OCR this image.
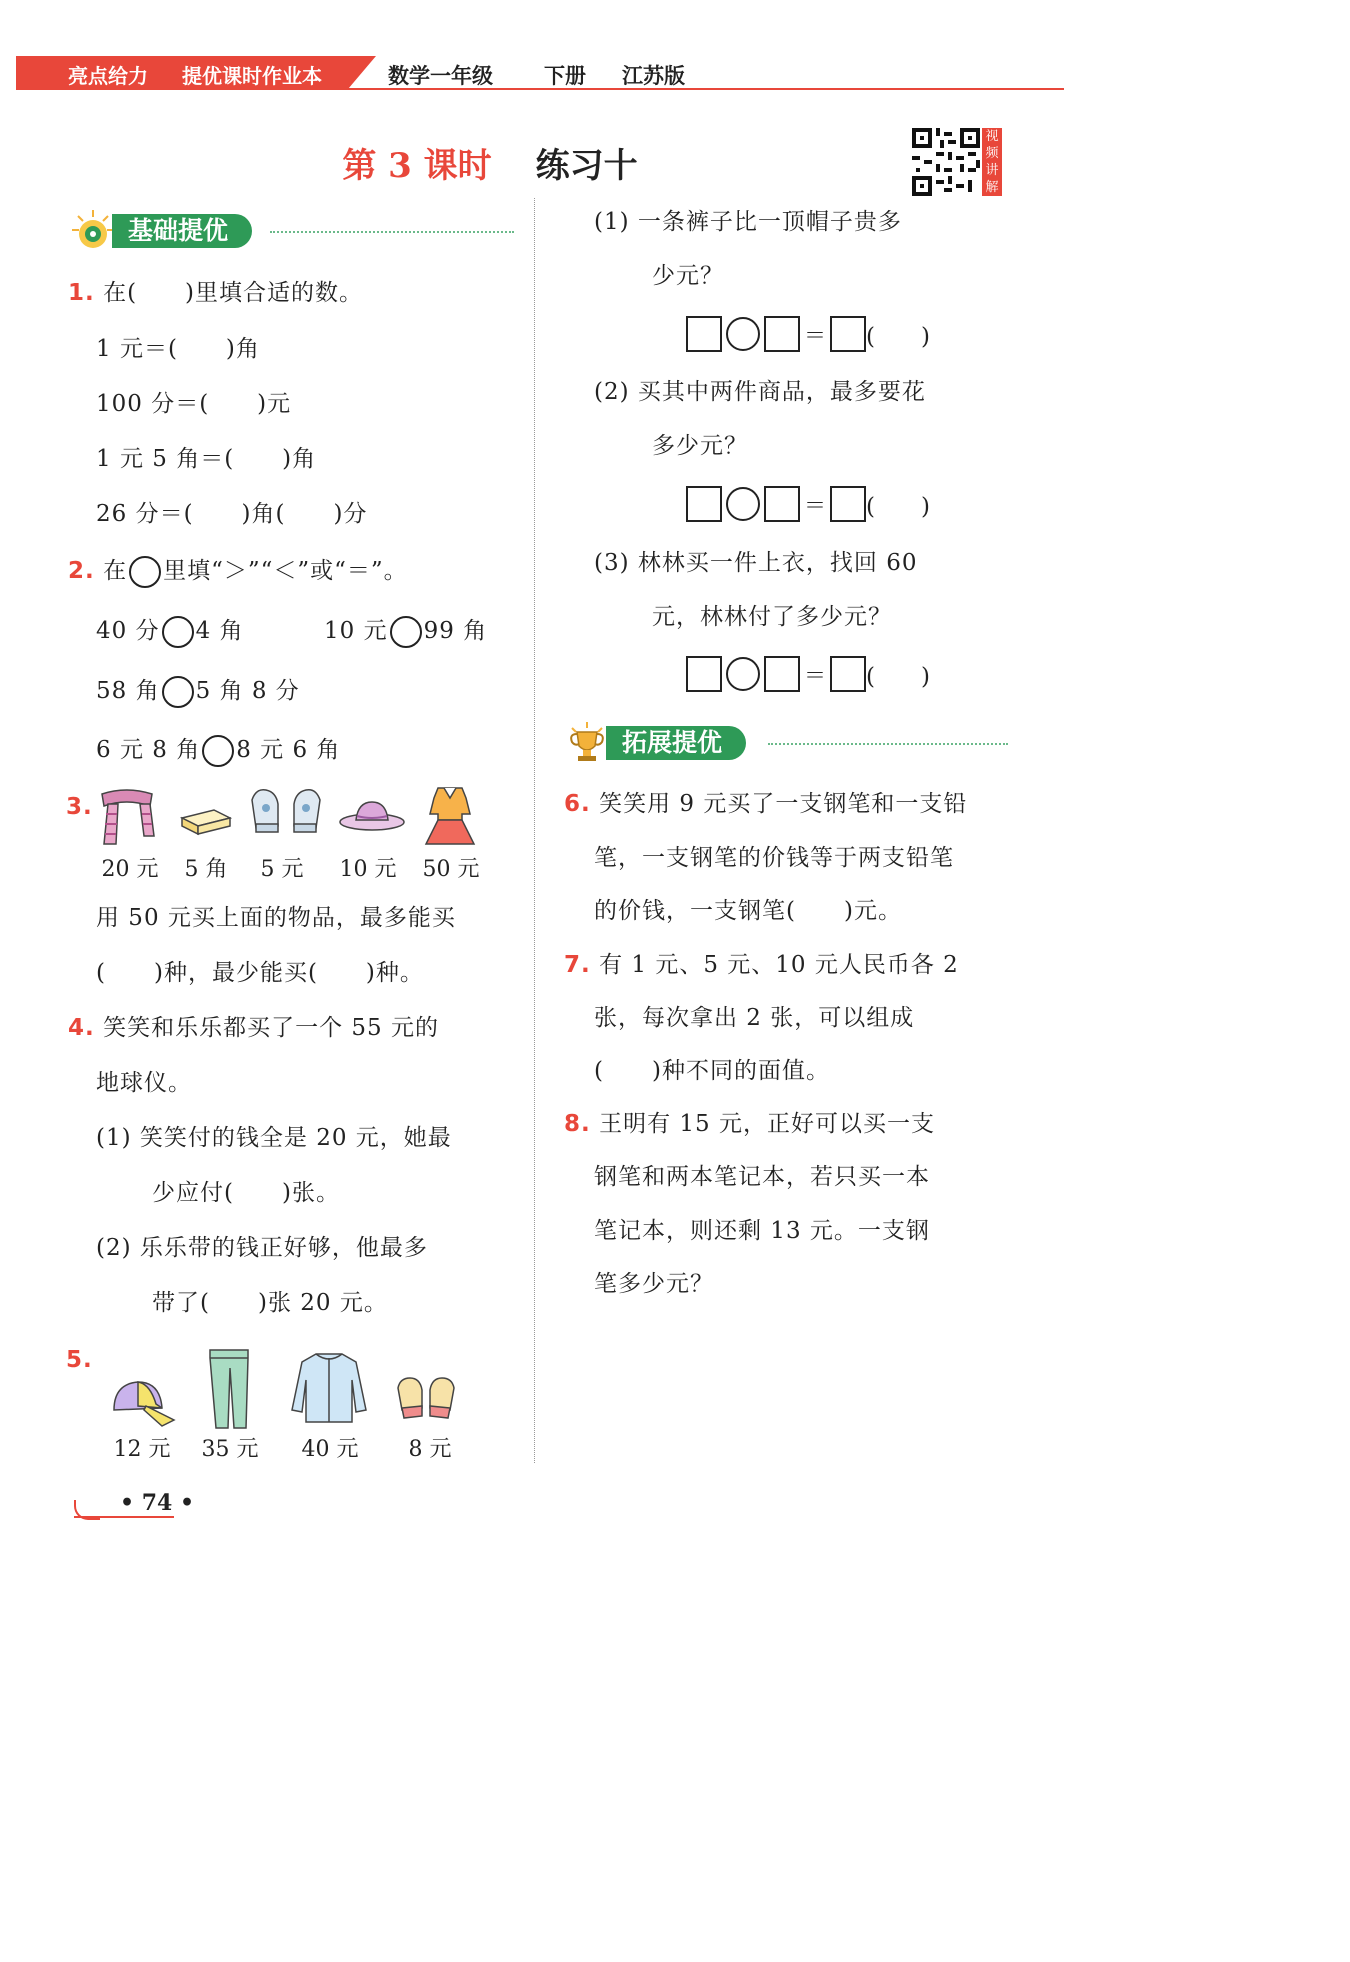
亮点给力 提优课时作业本	数学一年级 下册 江苏版
第 3 课时 练习十
视频讲解
基础提优
1. 在(　　)里填合适的数。
1 元＝(　　)角
100 分＝(　　)元
1 元 5 角＝(　　)角
26 分＝(　　)角(　　)分
2. 在 里填“＞”“＜”或“＝”。
40 分 4 角	10 元 99 角
58 角 5 角 8 分
6 元 8 角 8 元 6 角
3.
20 元	5 角	5 元	10 元 50 元
用 50 元买上面的物品，最多能买
(　　)种，最少能买(　　)种。
4. 笑笑和乐乐都买了一个 55 元的
地球仪。
(1) 笑笑付的钱全是 20 元，她最
少应付(　　)张。
(2) 乐乐带的钱正好够，他最多
带了(　　)张 20 元。
5.
12 元	35 元	40 元	8 元
(1) 一条裤子比一顶帽子贵多
少元？
＝ (　　)
(2) 买其中两件商品，最多要花
多少元？
＝ (　　)
(3) 林林买一件上衣，找回 60
元，林林付了多少元？
＝ (　　)
拓展提优
6. 笑笑用 9 元买了一支钢笔和一支铅
笔，一支钢笔的价钱等于两支铅笔
的价钱，一支钢笔(　　)元。
7. 有 1 元、5 元、10 元人民币各 2
张，每次拿出 2 张，可以组成
(　　)种不同的面值。
8. 王明有 15 元，正好可以买一支
钢笔和两本笔记本，若只买一本
笔记本，则还剩 13 元。一支钢
笔多少元？
• 74 •
